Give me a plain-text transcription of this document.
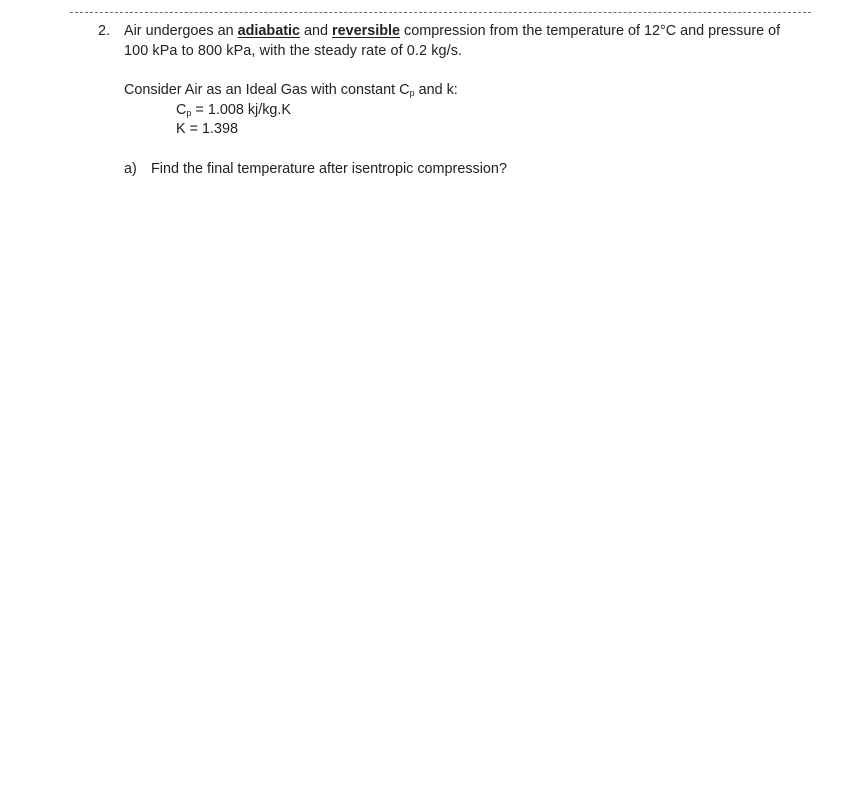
2. Air undergoes an adiabatic and reversible compression from the temperature of 12°C and pressure of
100 kPa to 800 kPa, with the steady rate of 0.2 kg/s.
Consider Air as an Ideal Gas with constant $C_p$ and k:
$C_p = 1.008$ kj/kg.K
K = 1.398
a) Find the final temperature after isentropic compression?
